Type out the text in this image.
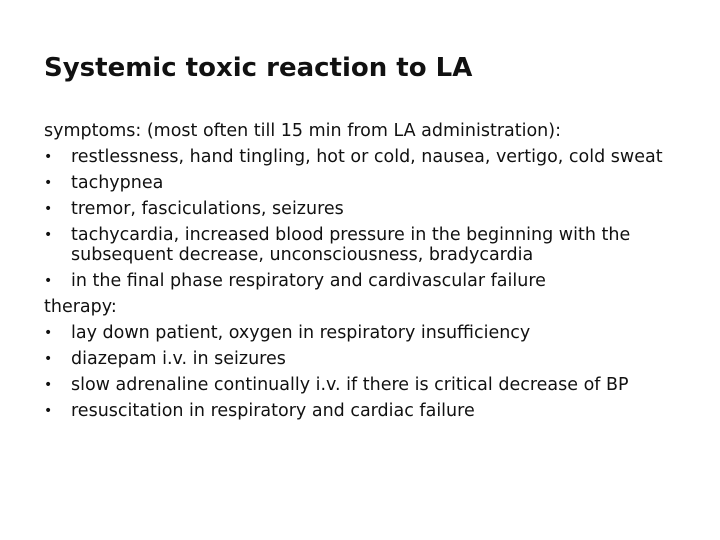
Systemic toxic reaction to LA
symptoms: (most often till 15 min from LA administration):
•	restlessness, hand tingling, hot or cold, nausea, vertigo, cold sweat
•	tachypnea
•	tremor, fasciculations, seizures
•	tachycardia, increased blood pressure in the beginning with the subsequent decrease, unconsciousness, bradycardia
•	in the final phase respiratory and cardivascular failure
therapy:
•	lay down patient, oxygen in respiratory insufficiency
•	diazepam i.v. in seizures
•	slow adrenaline continually i.v. if there is critical decrease of BP
•	resuscitation in respiratory and cardiac failure
